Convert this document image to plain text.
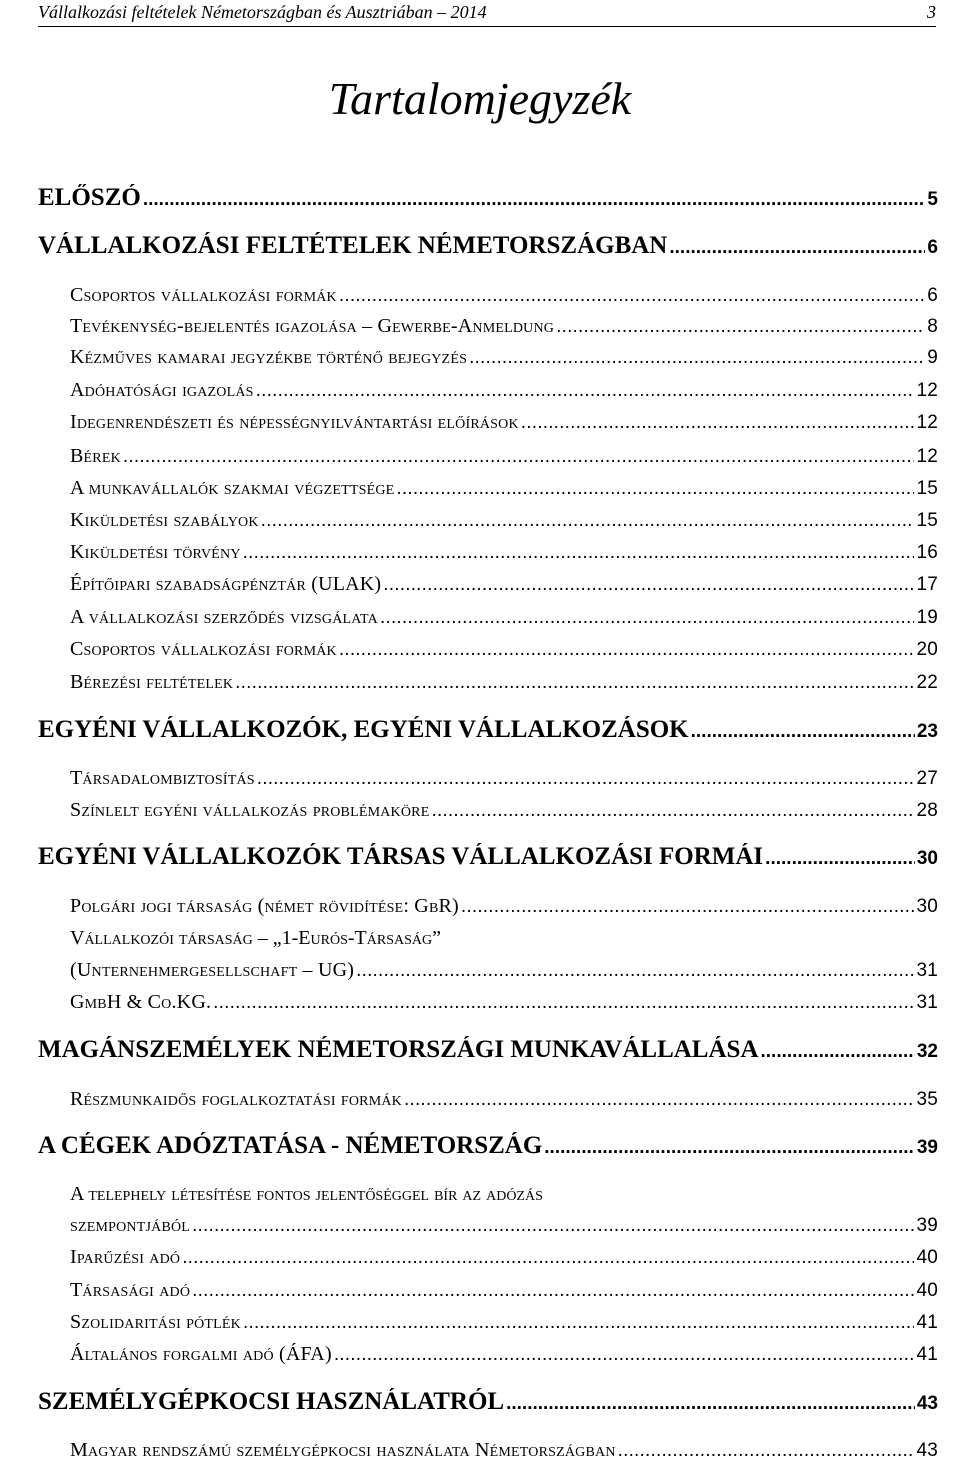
Vállalkozási feltételek Németországban és Ausztriában – 2014	3
Tartalomjegyzék
ELŐSZÓ .....	5
VÁLLALKOZÁSI FELTÉTELEK NÉMETORSZÁGBAN .....	6
Csoportos vállalkozási formák .....	6
Tevékenység-bejelentés igazolása – Gewerbe-Anmeldung .....	8
Kézműves kamarai jegyzékbe történő bejegyzés .....	9
Adóhatósági igazolás .....	12
Idegenrendészeti és népességnyilvántartási előírások .....	12
Bérek .....	12
A munkavállalók szakmai végzettsége .....	15
Kiküldetési szabályok .....	15
Kiküldetési törvény .....	16
Építőipari szabadságpénztár (ULAK) .....	17
A vállalkozási szerződés vizsgálata .....	19
Csoportos vállalkozási formák .....	20
Bérezési feltételek .....	22
EGYÉNI VÁLLALKOZÓK, EGYÉNI VÁLLALKOZÁSOK .....	23
Társadalombiztosítás .....	27
Színlelt egyéni vállalkozás problémaköre .....	28
EGYÉNI VÁLLALKOZÓK TÁRSAS VÁLLALKOZÁSI FORMÁI .....	30
Polgári jogi társaság (német rövidítése: GbR) .....	30
Vállalkozói társaság – „1-Eurós-Társaság”
(Unternehmergesellschaft – UG) .....	31
GmbH & Co.KG. .....	31
MAGÁNSZEMÉLYEK NÉMETORSZÁGI MUNKAVÁLLALÁSA .....	32
Részmunkaidős foglalkoztatási formák .....	35
A CÉGEK ADÓZTATÁSA - NÉMETORSZÁG .....	39
A telephely létesítése fontos jelentőséggel bír az adózás
szempontjából .....	39
Iparűzési adó .....	40
Társasági adó .....	40
Szolidaritási pótlék .....	41
Általános forgalmi adó (ÁFA) .....	41
SZEMÉLYGÉPKOCSI HASZNÁLATRÓL .....	43
Magyar rendszámú személygépkocsi használata Németországban .....	43
